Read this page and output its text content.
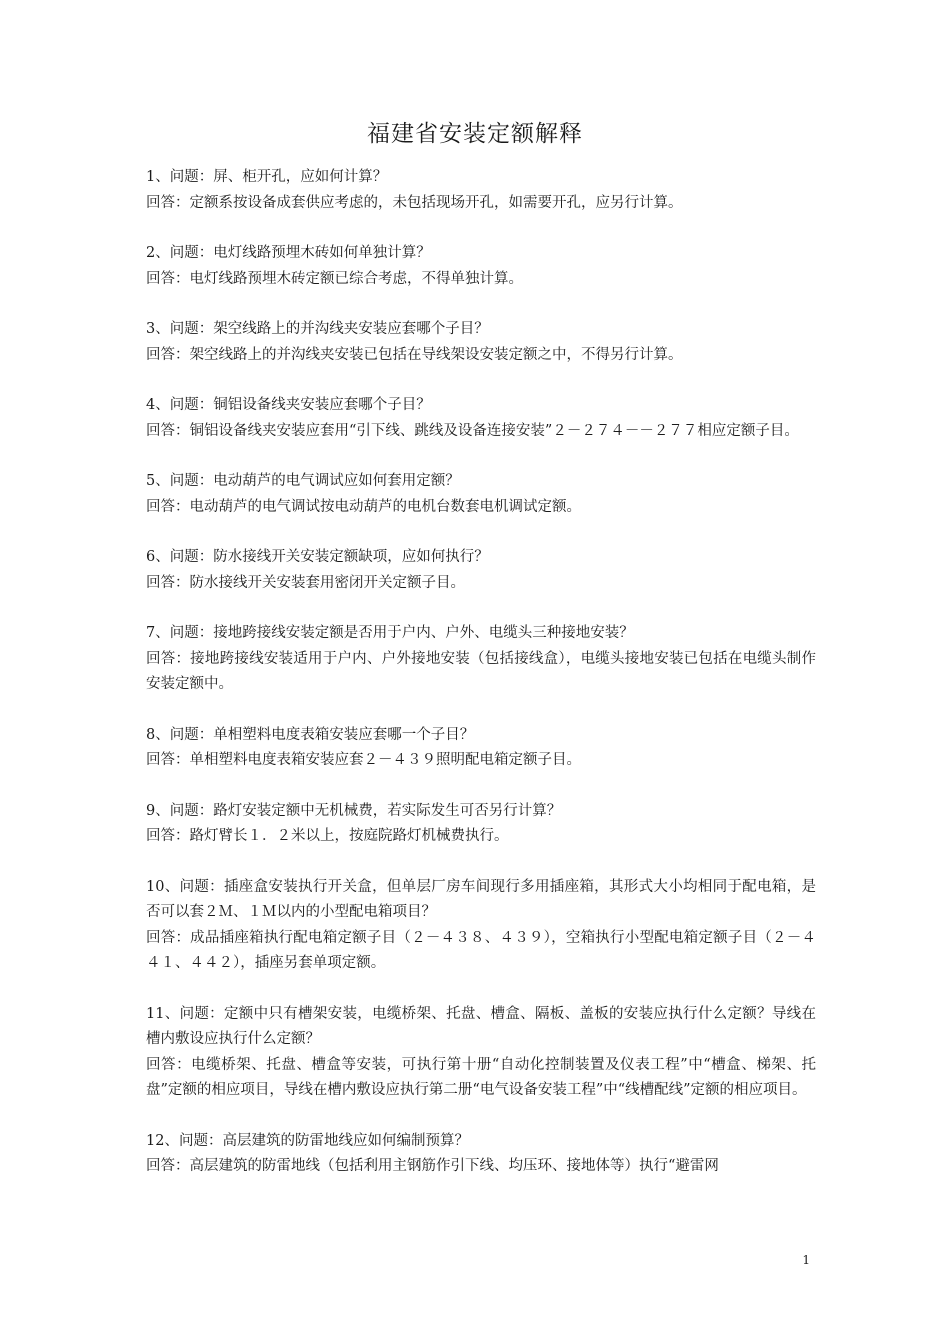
福建省安装定额解释

1、问题：屏、柜开孔，应如何计算？

回答：定额系按设备成套供应考虑的，未包括现场开孔，如需要开孔，应另行计算。

2、问题：电灯线路预埋木砖如何单独计算？

回答：电灯线路预埋木砖定额已综合考虑，不得单独计算。

3、问题：架空线路上的并沟线夹安装应套哪个子目？

回答：架空线路上的并沟线夹安装已包括在导线架设安装定额之中，不得另行计算。

4、问题：铜铝设备线夹安装应套哪个子目？

回答：铜铝设备线夹安装应套用“引下线、跳线及设备连接安装”２－２７４－－２７７相应定额子目。

5、问题：电动葫芦的电气调试应如何套用定额？

回答：电动葫芦的电气调试按电动葫芦的电机台数套电机调试定额。

6、问题：防水接线开关安装定额缺项，应如何执行？

回答：防水接线开关安装套用密闭开关定额子目。

7、问题：接地跨接线安装定额是否用于户内、户外、电缆头三种接地安装？

回答：接地跨接线安装适用于户内、户外接地安装（包括接线盒），电缆头接地安装已包括在电缆头制作安装定额中。

8、问题：单相塑料电度表箱安装应套哪一个子目？

回答：单相塑料电度表箱安装应套２－４３９照明配电箱定额子目。

9、问题：路灯安装定额中无机械费，若实际发生可否另行计算？

回答：路灯臂长１．２米以上，按庭院路灯机械费执行。

10、问题：插座盒安装执行开关盒，但单层厂房车间现行多用插座箱，其形式大小均相同于配电箱，是否可以套２Ｍ、１Ｍ以内的小型配电箱项目？

回答：成品插座箱执行配电箱定额子目（２－４３８、４３９），空箱执行小型配电箱定额子目（２－４４１、４４２），插座另套单项定额。

11、问题：定额中只有槽架安装，电缆桥架、托盘、槽盒、隔板、盖板的安装应执行什么定额？导线在槽内敷设应执行什么定额？

回答：电缆桥架、托盘、槽盒等安装，可执行第十册“自动化控制装置及仪表工程”中“槽盒、梯架、托盘”定额的相应项目，导线在槽内敷设应执行第二册“电气设备安装工程”中“线槽配线”定额的相应项目。

12、问题：高层建筑的防雷地线应如何编制预算？

回答：高层建筑的防雷地线（包括利用主钢筋作引下线、均压环、接地体等）执行“避雷网

1
